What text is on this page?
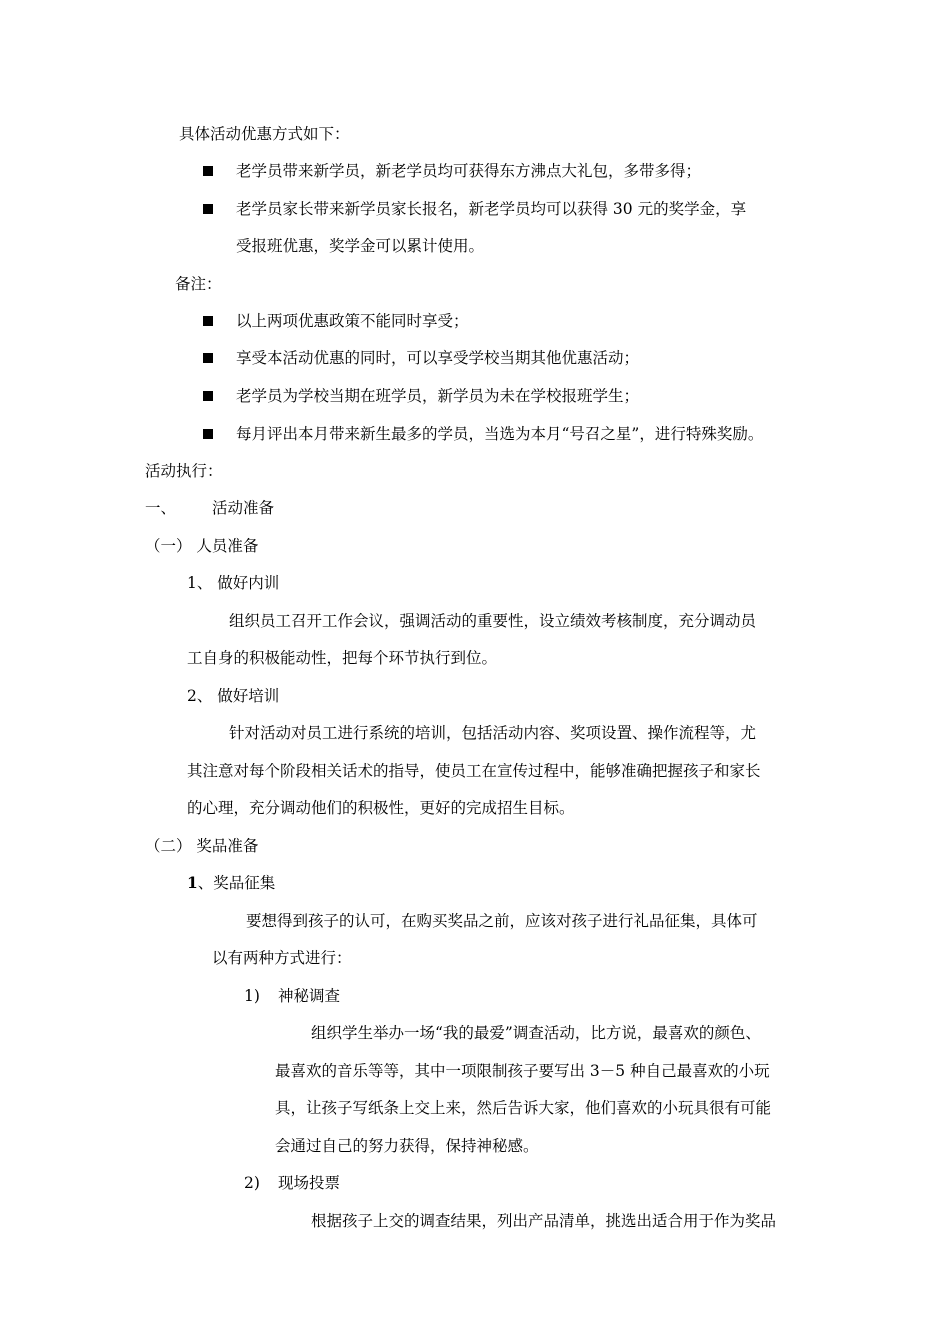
具体活动优惠方式如下：
老学员带来新学员，新老学员均可获得东方沸点大礼包，多带多得；
老学员家长带来新学员家长报名，新老学员均可以获得 30 元的奖学金，享
受报班优惠，奖学金可以累计使用。
备注：
以上两项优惠政策不能同时享受；
享受本活动优惠的同时，可以享受学校当期其他优惠活动；
老学员为学校当期在班学员，新学员为未在学校报班学生；
每月评出本月带来新生最多的学员，当选为本月“号召之星”，进行特殊奖励。
活动执行：
一、 活动准备
（一） 人员准备
1、 做好内训
组织员工召开工作会议，强调活动的重要性，设立绩效考核制度，充分调动员
工自身的积极能动性，把每个环节执行到位。
2、 做好培训
针对活动对员工进行系统的培训，包括活动内容、奖项设置、操作流程等，尤
其注意对每个阶段相关话术的指导，使员工在宣传过程中，能够准确把握孩子和家长
的心理，充分调动他们的积极性，更好的完成招生目标。
（二） 奖品准备
1、奖品征集
要想得到孩子的认可，在购买奖品之前，应该对孩子进行礼品征集，具体可
以有两种方式进行：
1) 神秘调查
组织学生举办一场“我的最爱”调查活动，比方说，最喜欢的颜色、
最喜欢的音乐等等，其中一项限制孩子要写出 3－5 种自己最喜欢的小玩
具，让孩子写纸条上交上来，然后告诉大家，他们喜欢的小玩具很有可能
会通过自己的努力获得，保持神秘感。
2) 现场投票
根据孩子上交的调查结果，列出产品清单，挑选出适合用于作为奖品
